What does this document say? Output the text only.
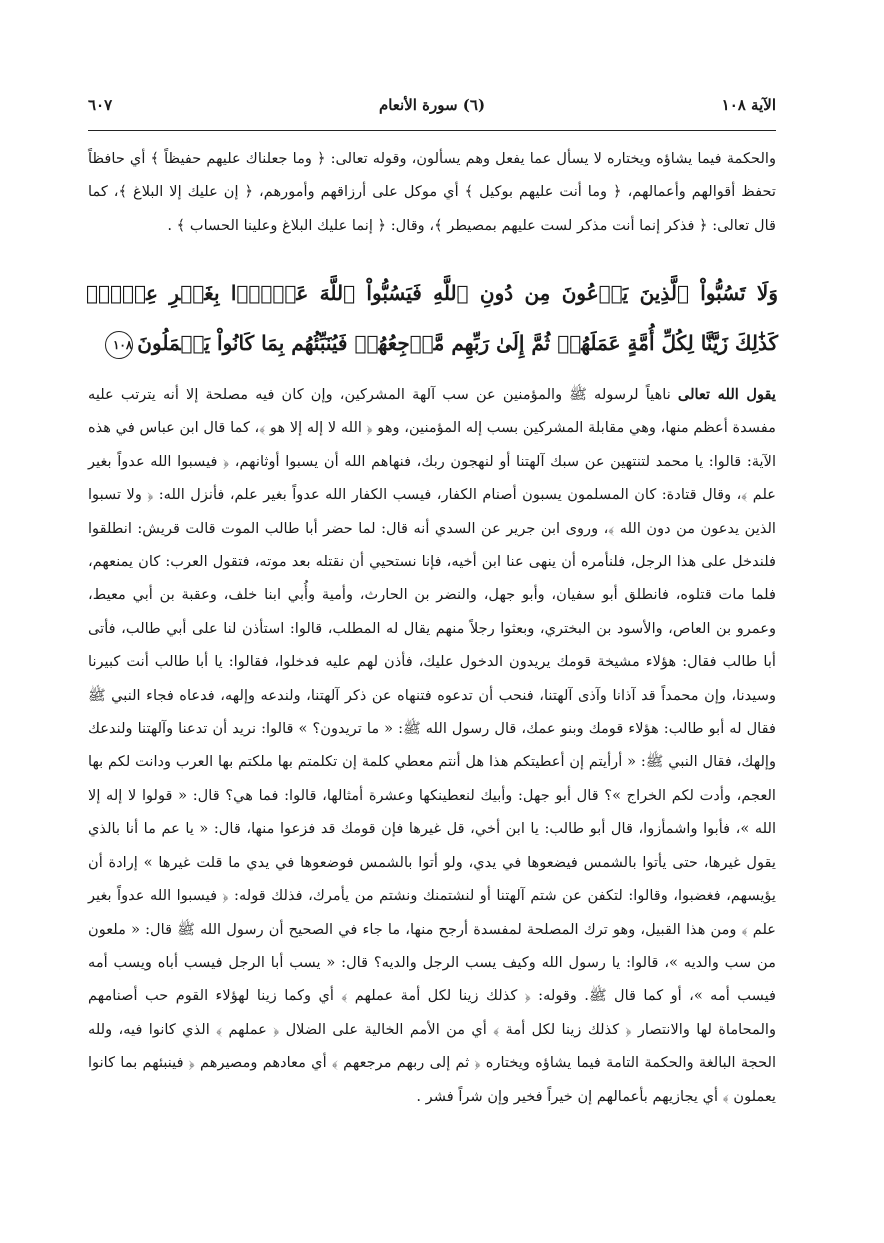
الآية ١٠٨
(٦) سورة الأنعام
٦٠٧

والحكمة فيما يشاؤه ويختاره لا يسأل عما يفعل وهم يسألون، وقوله تعالى: ﴿ وما جعلناك عليهم حفيظاً ﴾ أي حافظاً تحفظ أقوالهم وأعمالهم، ﴿ وما أنت عليهم بوكيل ﴾ أي موكل على أرزاقهم وأمورهم، ﴿ إن عليك إلا البلاغ ﴾، كما قال تعالى: ﴿ فذكر إنما أنت مذكر لست عليهم بمصيطر ﴾، وقال: ﴿ إنما عليك البلاغ وعلينا الحساب ﴾ .

وَلَا تَسُبُّواْ ٱلَّذِينَ يَدۡعُونَ مِن دُونِ ٱللَّهِ فَيَسُبُّواْ ٱللَّهَ عَدۡوَۢا بِغَيۡرِ عِلۡمٖۗ كَذَٰلِكَ زَيَّنَّا لِكُلِّ أُمَّةٍ عَمَلَهُمۡ ثُمَّ إِلَىٰ رَبِّهِم مَّرۡجِعُهُمۡ فَيُنَبِّئُهُم بِمَا كَانُواْ يَعۡمَلُونَ١٠٨

يقول الله تعالى ناهياً لرسوله ﷺ والمؤمنين عن سب آلهة المشركين، وإن كان فيه مصلحة إلا أنه يترتب عليه مفسدة أعظم منها، وهي مقابلة المشركين بسب إله المؤمنين، وهو ﴿ الله لا إله إلا هو ﴾، كما قال ابن عباس في هذه الآية: قالوا: يا محمد لتنتهين عن سبك آلهتنا أو لنهجون ربك، فنهاهم الله أن يسبوا أوثانهم، ﴿ فيسبوا الله عدواً بغير علم ﴾، وقال قتادة: كان المسلمون يسبون أصنام الكفار، فيسب الكفار الله عدواً بغير علم، فأنزل الله: ﴿ ولا تسبوا الذين يدعون من دون الله ﴾، وروى ابن جرير عن السدي أنه قال: لما حضر أبا طالب الموت قالت قريش: انطلقوا فلندخل على هذا الرجل، فلنأمره أن ينهى عنا ابن أخيه، فإنا نستحيي أن نقتله بعد موته، فتقول العرب: كان يمنعهم، فلما مات قتلوه، فانطلق أبو سفيان، وأبو جهل، والنضر بن الحارث، وأمية وأُبي ابنا خلف، وعقبة بن أبي معيط، وعمرو بن العاص، والأسود بن البختري، وبعثوا رجلاً منهم يقال له المطلب، قالوا: استأذن لنا على أبي طالب، فأتى أبا طالب فقال: هؤلاء مشيخة قومك يريدون الدخول عليك، فأذن لهم عليه فدخلوا، فقالوا: يا أبا طالب أنت كبيرنا وسيدنا، وإن محمداً قد آذانا وآذى آلهتنا، فنحب أن تدعوه فتنهاه عن ذكر آلهتنا، ولندعه وإلهه، فدعاه فجاء النبي ﷺ فقال له أبو طالب: هؤلاء قومك وبنو عمك، قال رسول الله ﷺ: « ما تريدون؟ » قالوا: نريد أن تدعنا وآلهتنا ولندعك وإلهك، فقال النبي ﷺ: « أرأيتم إن أعطيتكم هذا هل أنتم معطي كلمة إن تكلمتم بها ملكتم بها العرب ودانت لكم بها العجم، وأدت لكم الخراج »؟ قال أبو جهل: وأبيك لنعطينكها وعشرة أمثالها، قالوا: فما هي؟ قال: « قولوا لا إله إلا الله »، فأبوا واشمأزوا، قال أبو طالب: يا ابن أخي، قل غيرها فإن قومك قد فزعوا منها، قال: « يا عم ما أنا بالذي يقول غيرها، حتى يأتوا بالشمس فيضعوها في يدي، ولو أتوا بالشمس فوضعوها في يدي ما قلت غيرها » إرادة أن يؤيسهم، فغضبوا، وقالوا: لتكفن عن شتم آلهتنا أو لنشتمنك ونشتم من يأمرك، فذلك قوله: ﴿ فيسبوا الله عدواً بغير علم ﴾ ومن هذا القبيل، وهو ترك المصلحة لمفسدة أرجح منها، ما جاء في الصحيح أن رسول الله ﷺ قال: « ملعون من سب والديه »، قالوا: يا رسول الله وكيف يسب الرجل والديه؟ قال: « يسب أبا الرجل فيسب أباه ويسب أمه فيسب أمه »، أو كما قال ﷺ. وقوله: ﴿ كذلك زينا لكل أمة عملهم ﴾ أي وكما زينا لهؤلاء القوم حب أصنامهم والمحاماة لها والانتصار ﴿ كذلك زينا لكل أمة ﴾ أي من الأمم الخالية على الضلال ﴿ عملهم ﴾ الذي كانوا فيه، ولله الحجة البالغة والحكمة التامة فيما يشاؤه ويختاره ﴿ ثم إلى ربهم مرجعهم ﴾ أي معادهم ومصيرهم ﴿ فينبئهم بما كانوا يعملون ﴾ أي يجازيهم بأعمالهم إن خيراً فخير وإن شراً فشر .
